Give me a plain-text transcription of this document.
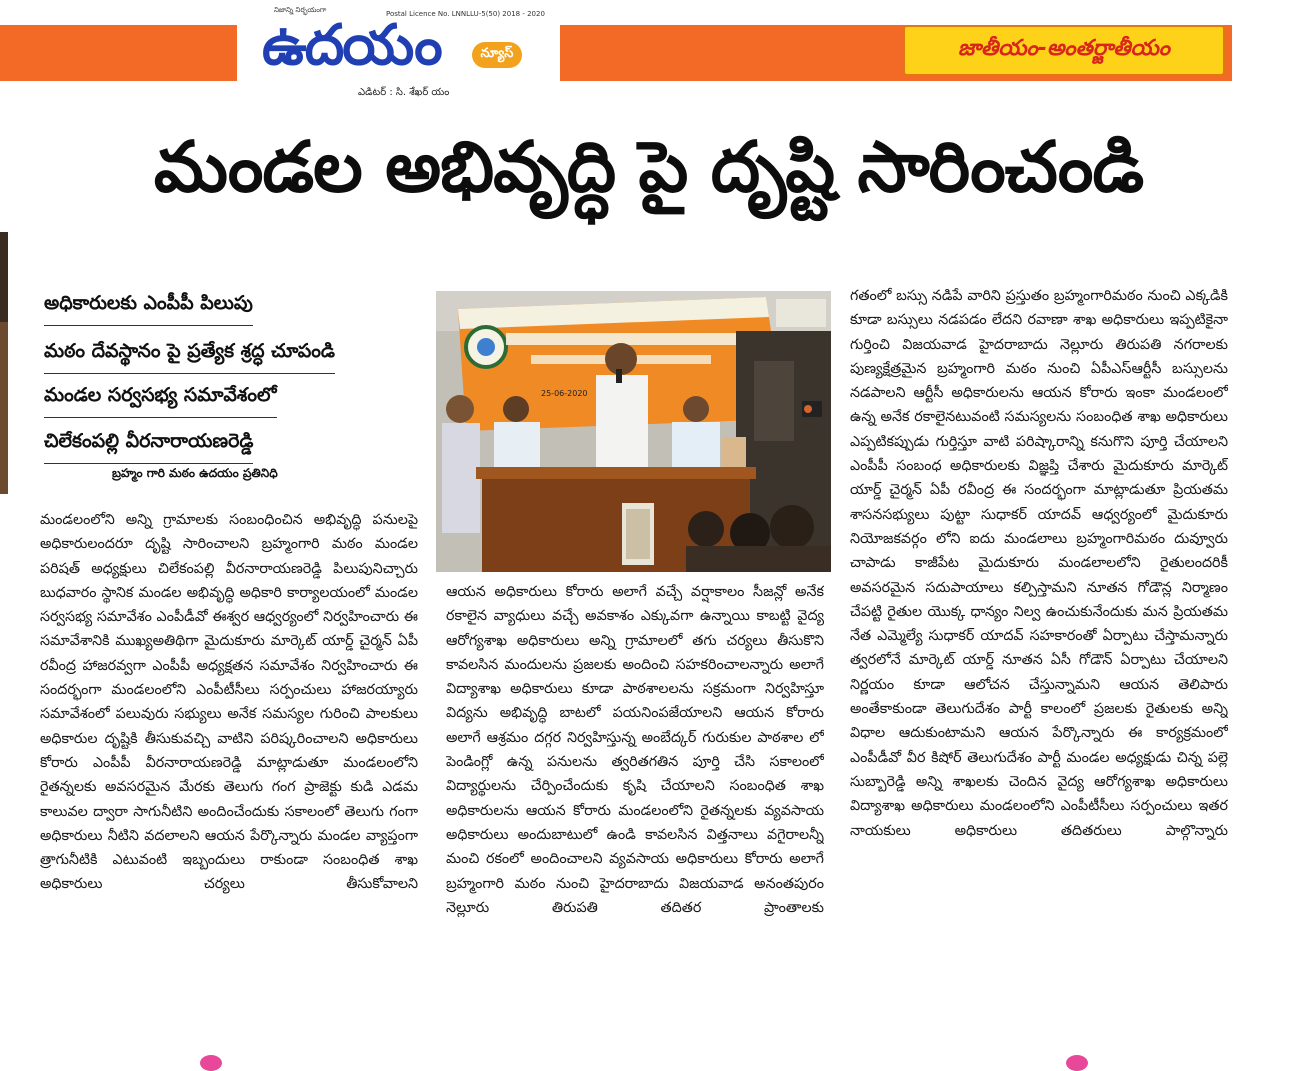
జాతీయం-అంతర్జాతీయం
నిజాన్ని నిర్భయంగా	Postal Licence No. LNNLLU-5(50) 2018 - 2020
ఉదయం	న్యూస్
ఎడిటర్ : సి. శేఖర్ యం
మండల అభివృద్ధి పై దృష్టి సారించండి
అధికారులకు ఎంపీపీ పిలుపు
మఠం దేవస్థానం పై ప్రత్యేక శ్రద్ధ చూపండి
మండల సర్వసభ్య సమావేశంలో
చిలేకంపల్లి వీరనారాయణరెడ్డి
బ్రహ్మం గారి మఠం ఉదయం ప్రతినిధి
25-06-2020

మండలంలోని అన్ని గ్రామాలకు సంబంధించిన అభివృద్ధి పనులపై అధికారులందరూ దృష్టి సారించాలని బ్రహ్మంగారి మఠం మండల పరిషత్ అధ్యక్షులు చిలేకంపల్లి వీరనారాయణరెడ్డి పిలుపునిచ్చారు బుధవారం స్థానిక మండల అభివృద్ధి అధికారి కార్యాలయంలో మండల సర్వసభ్య సమావేశం ఎంపీడీవో ఈశ్వర ఆధ్వర్యంలో నిర్వహించారు ఈ సమావేశానికి ముఖ్యఅతిథిగా మైదుకూరు మార్కెట్ యార్డ్ చైర్మన్ ఏపీ రవీంద్ర హాజరవ్వగా ఎంపీపీ అధ్యక్షతన సమావేశం నిర్వహించారు ఈ సందర్భంగా మండలంలోని ఎంపీటీసీలు సర్పంచులు హాజరయ్యారు సమావేశంలో పలువురు సభ్యులు అనేక సమస్యల గురించి పాలకులు అధికారుల దృష్టికి తీసుకువచ్చి వాటిని పరిష్కరించాలని అధికారులు కోరారు ఎంపీపీ వీరనారాయణరెడ్డి మాట్లాడుతూ మండలంలోని రైతన్నలకు అవసరమైన మేరకు తెలుగు గంగ ప్రాజెక్టు కుడి ఎడమ కాలువల ద్వారా సాగునీటిని అందించేందుకు సకాలంలో తెలుగు గంగా అధికారులు నీటిని వదలాలని ఆయన పేర్కొన్నారు మండల వ్యాప్తంగా త్రాగునీటికి ఎటువంటి ఇబ్బందులు రాకుండా సంబంధిత శాఖ అధికారులు చర్యలు తీసుకోవాలని

ఆయన అధికారులు కోరారు అలాగే వచ్చే వర్షాకాలం సీజన్లో అనేక రకాలైన వ్యాధులు వచ్చే అవకాశం ఎక్కువగా ఉన్నాయి కాబట్టి వైద్య ఆరోగ్యశాఖ అధికారులు అన్ని గ్రామాలలో తగు చర్యలు తీసుకొని కావలసిన మందులను ప్రజలకు అందించి సహకరించాలన్నారు అలాగే విద్యాశాఖ అధికారులు కూడా పాఠశాలలను సక్రమంగా నిర్వహిస్తూ విద్యను అభివృద్ధి బాటలో పయనింపజేయాలని ఆయన కోరారు అలాగే ఆశ్రమం దగ్గర నిర్వహిస్తున్న అంబేద్కర్ గురుకుల పాఠశాల లో పెండింగ్లో ఉన్న పనులను త్వరితగతిన పూర్తి చేసి సకాలంలో విద్యార్థులను చేర్పించేందుకు కృషి చేయాలని సంబంధిత శాఖ అధికారులను ఆయన కోరారు మండలంలోని రైతన్నలకు వ్యవసాయ అధికారులు అందుబాటులో ఉండి కావలసిన విత్తనాలు వగైరాలన్నీ మంచి రకంలో అందించాలని వ్యవసాయ అధికారులు కోరారు అలాగే బ్రహ్మంగారి మఠం నుంచి హైదరాబాదు విజయవాడ అనంతపురం నెల్లూరు తిరుపతి తదితర ప్రాంతాలకు

గతంలో బస్సు నడిపే వారిని ప్రస్తుతం బ్రహ్మంగారిమఠం నుంచి ఎక్కడికి కూడా బస్సులు నడపడం లేదని రవాణా శాఖ అధికారులు ఇప్పటికైనా గుర్తించి విజయవాడ హైదరాబాదు నెల్లూరు తిరుపతి నగరాలకు పుణ్యక్షేత్రమైన బ్రహ్మంగారి మఠం నుంచి ఏపీఎస్ఆర్టీసీ బస్సులను నడపాలని ఆర్టీసీ అధికారులను ఆయన కోరారు ఇంకా మండలంలో ఉన్న అనేక రకాలైనటువంటి సమస్యలను సంబంధిత శాఖ అధికారులు ఎప్పటికప్పుడు గుర్తిస్తూ వాటి పరిష్కారాన్ని కనుగొని పూర్తి చేయాలని ఎంపీపీ సంబంధ అధికారులకు విజ్ఞప్తి చేశారు మైదుకూరు మార్కెట్ యార్డ్ చైర్మన్ ఏపీ రవీంద్ర ఈ సందర్భంగా మాట్లాడుతూ ప్రియతమ శాసనసభ్యులు పుట్టా సుధాకర్ యాదవ్ ఆధ్వర్యంలో మైదుకూరు నియోజకవర్గం లోని ఐదు మండలాలు బ్రహ్మంగారిమఠం దువ్వూరు చాపాడు కాజీపేట మైదుకూరు మండలాలలోని రైతులందరికీ అవసరమైన సదుపాయాలు కల్పిస్తామని నూతన గోడౌన్ల నిర్మాణం చేపట్టి రైతుల యొక్క ధాన్యం నిల్వ ఉంచుకునేందుకు మన ప్రియతమ నేత ఎమ్మెల్యే సుధాకర్ యాదవ్ సహకారంతో ఏర్పాటు చేస్తామన్నారు త్వరలోనే మార్కెట్ యార్డ్ నూతన ఏసీ గోడౌన్ ఏర్పాటు చేయాలని నిర్ణయం కూడా ఆలోచన చేస్తున్నామని ఆయన తెలిపారు అంతేకాకుండా తెలుగుదేశం పార్టీ కాలంలో ప్రజలకు రైతులకు అన్ని విధాల ఆదుకుంటామని ఆయన పేర్కొన్నారు ఈ కార్యక్రమంలో ఎంపీడీవో వీర కిషోర్ తెలుగుదేశం పార్టీ మండల అధ్యక్షుడు చిన్న పల్లె సుబ్బారెడ్డి అన్ని శాఖలకు చెందిన వైద్య ఆరోగ్యశాఖ అధికారులు విద్యాశాఖ అధికారులు మండలంలోని ఎంపీటీసీలు సర్పంచులు ఇతర నాయకులు అధికారులు తదితరులు పాల్గొన్నారు
